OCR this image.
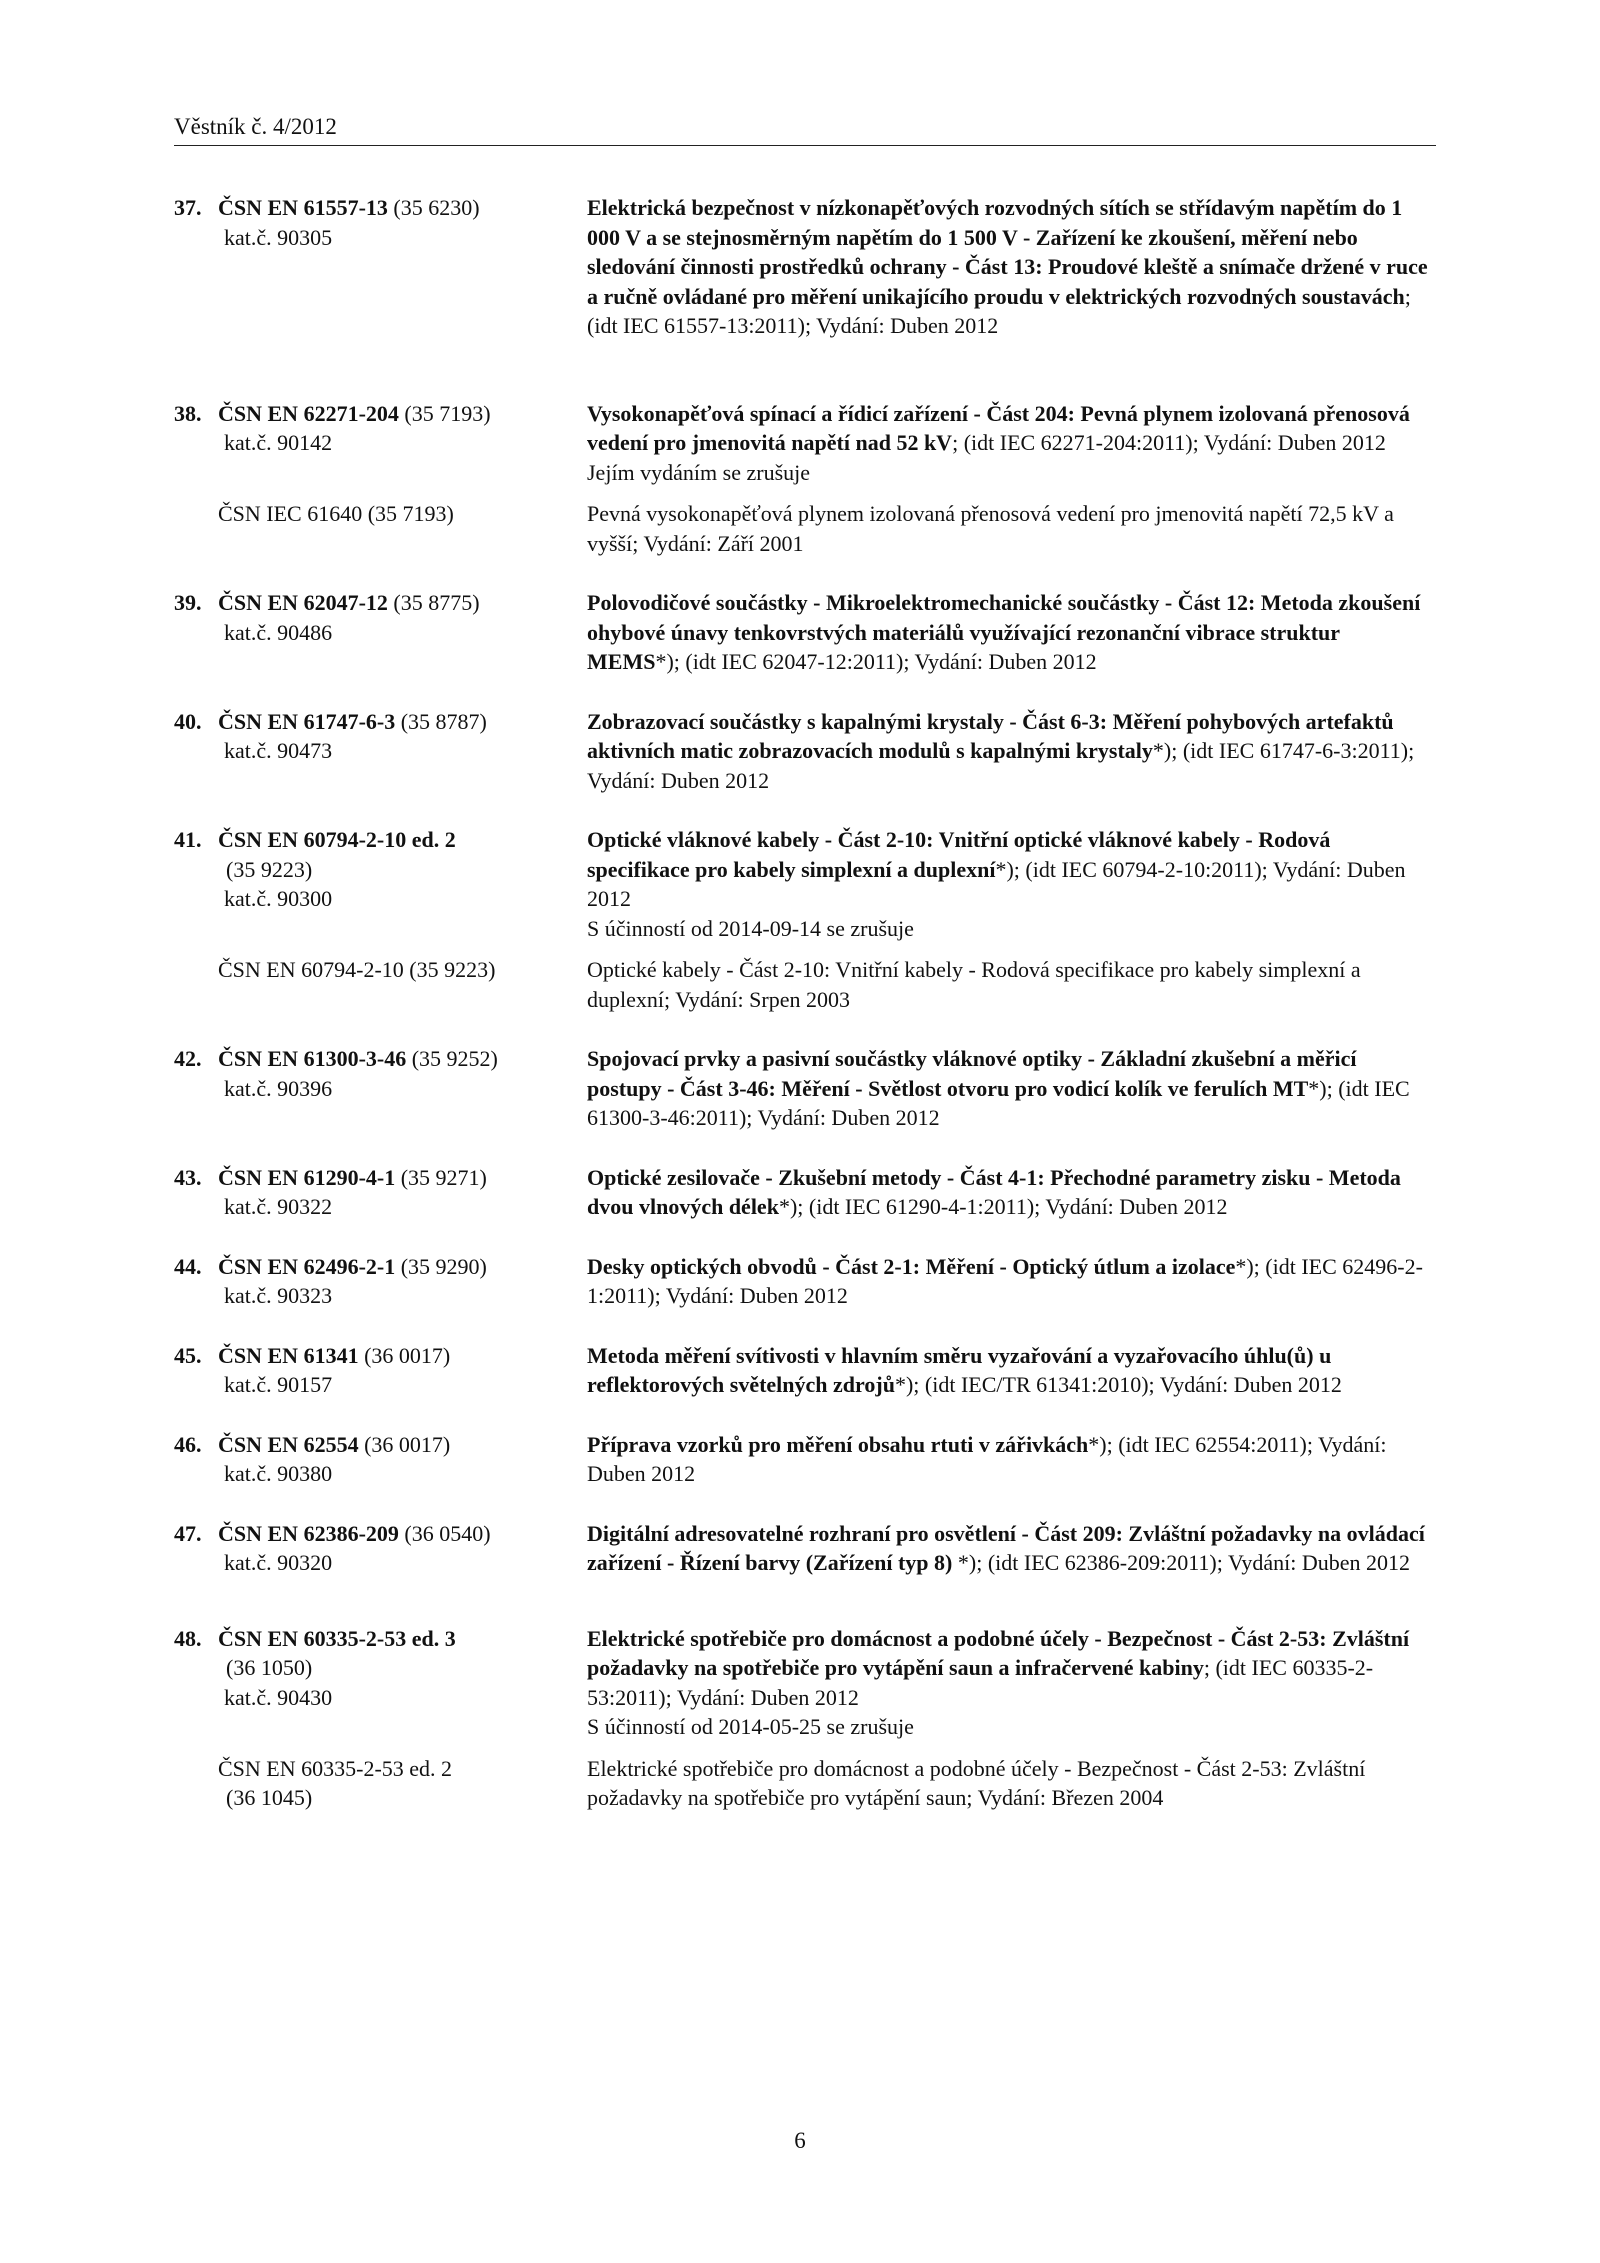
Věstník č. 4/2012
37. ČSN EN 61557-13 (35 6230)
kat.č. 90305
Elektrická bezpečnost v nízkonapěťových rozvodných sítích se střídavým napětím do 1 000 V a se stejnosměrným napětím do 1 500 V - Zařízení ke zkoušení, měření nebo sledování činnosti prostředků ochrany - Část 13: Proudové kleště a snímače držené v ruce a ručně ovládané pro měření unikajícího proudu v elektrických rozvodných soustavách; (idt IEC 61557-13:2011); Vydání: Duben 2012
38. ČSN EN 62271-204 (35 7193)
kat.č. 90142
Vysokonapěťová spínací a řídicí zařízení - Část 204: Pevná plynem izolovaná přenosová vedení pro jmenovitá napětí nad 52 kV; (idt IEC 62271-204:2011); Vydání: Duben 2012
Jejím vydáním se zrušuje
ČSN IEC 61640 (35 7193)	Pevná vysokonapěťová plynem izolovaná přenosová vedení pro jmenovitá napětí 72,5 kV a vyšší; Vydání: Září 2001
39. ČSN EN 62047-12 (35 8775)
kat.č. 90486
Polovodičové součástky - Mikroelektromechanické součástky - Část 12: Metoda zkoušení ohybové únavy tenkovrstvých materiálů využívající rezonanční vibrace struktur MEMS*); (idt IEC 62047-12:2011); Vydání: Duben 2012
40. ČSN EN 61747-6-3 (35 8787)
kat.č. 90473
Zobrazovací součástky s kapalnými krystaly - Část 6-3: Měření pohybových artefaktů aktivních matic zobrazovacích modulů s kapalnými krystaly*); (idt IEC 61747-6-3:2011); Vydání: Duben 2012
41. ČSN EN 60794-2-10 ed. 2
(35 9223)
kat.č. 90300
Optické vláknové kabely - Část 2-10: Vnitřní optické vláknové kabely - Rodová specifikace pro kabely simplexní a duplexní*); (idt IEC 60794-2-10:2011); Vydání: Duben 2012
S účinností od 2014-09-14 se zrušuje
ČSN EN 60794-2-10 (35 9223)	Optické kabely - Část 2-10: Vnitřní kabely - Rodová specifikace pro kabely simplexní a duplexní; Vydání: Srpen 2003
42. ČSN EN 61300-3-46 (35 9252)
kat.č. 90396
Spojovací prvky a pasivní součástky vláknové optiky - Základní zkušební a měřicí postupy - Část 3-46: Měření - Světlost otvoru pro vodicí kolík ve ferulích MT*); (idt IEC 61300-3-46:2011); Vydání: Duben 2012
43. ČSN EN 61290-4-1 (35 9271)
kat.č. 90322
Optické zesilovače - Zkušební metody - Část 4-1: Přechodné parametry zisku - Metoda dvou vlnových délek*); (idt IEC 61290-4-1:2011); Vydání: Duben 2012
44. ČSN EN 62496-2-1 (35 9290)
kat.č. 90323
Desky optických obvodů - Část 2-1: Měření - Optický útlum a izolace*); (idt IEC 62496-2-1:2011); Vydání: Duben 2012
45. ČSN EN 61341 (36 0017)
kat.č. 90157
Metoda měření svítivosti v hlavním směru vyzařování a vyzařovacího úhlu(ů) u reflektorových světelných zdrojů*); (idt IEC/TR 61341:2010); Vydání: Duben 2012
46. ČSN EN 62554 (36 0017)
kat.č. 90380
Příprava vzorků pro měření obsahu rtuti v zářivkách*); (idt IEC 62554:2011); Vydání: Duben 2012
47. ČSN EN 62386-209 (36 0540)
kat.č. 90320
Digitální adresovatelné rozhraní pro osvětlení - Část 209: Zvláštní požadavky na ovládací zařízení - Řízení barvy (Zařízení typ 8) *); (idt IEC 62386-209:2011); Vydání: Duben 2012
48. ČSN EN 60335-2-53 ed. 3
(36 1050)
kat.č. 90430
Elektrické spotřebiče pro domácnost a podobné účely - Bezpečnost - Část 2-53: Zvláštní požadavky na spotřebiče pro vytápění saun a infračervené kabiny; (idt IEC 60335-2-53:2011); Vydání: Duben 2012
S účinností od 2014-05-25 se zrušuje
ČSN EN 60335-2-53 ed. 2
(36 1045)
Elektrické spotřebiče pro domácnost a podobné účely - Bezpečnost - Část 2-53: Zvláštní požadavky na spotřebiče pro vytápění saun; Vydání: Březen 2004
6
